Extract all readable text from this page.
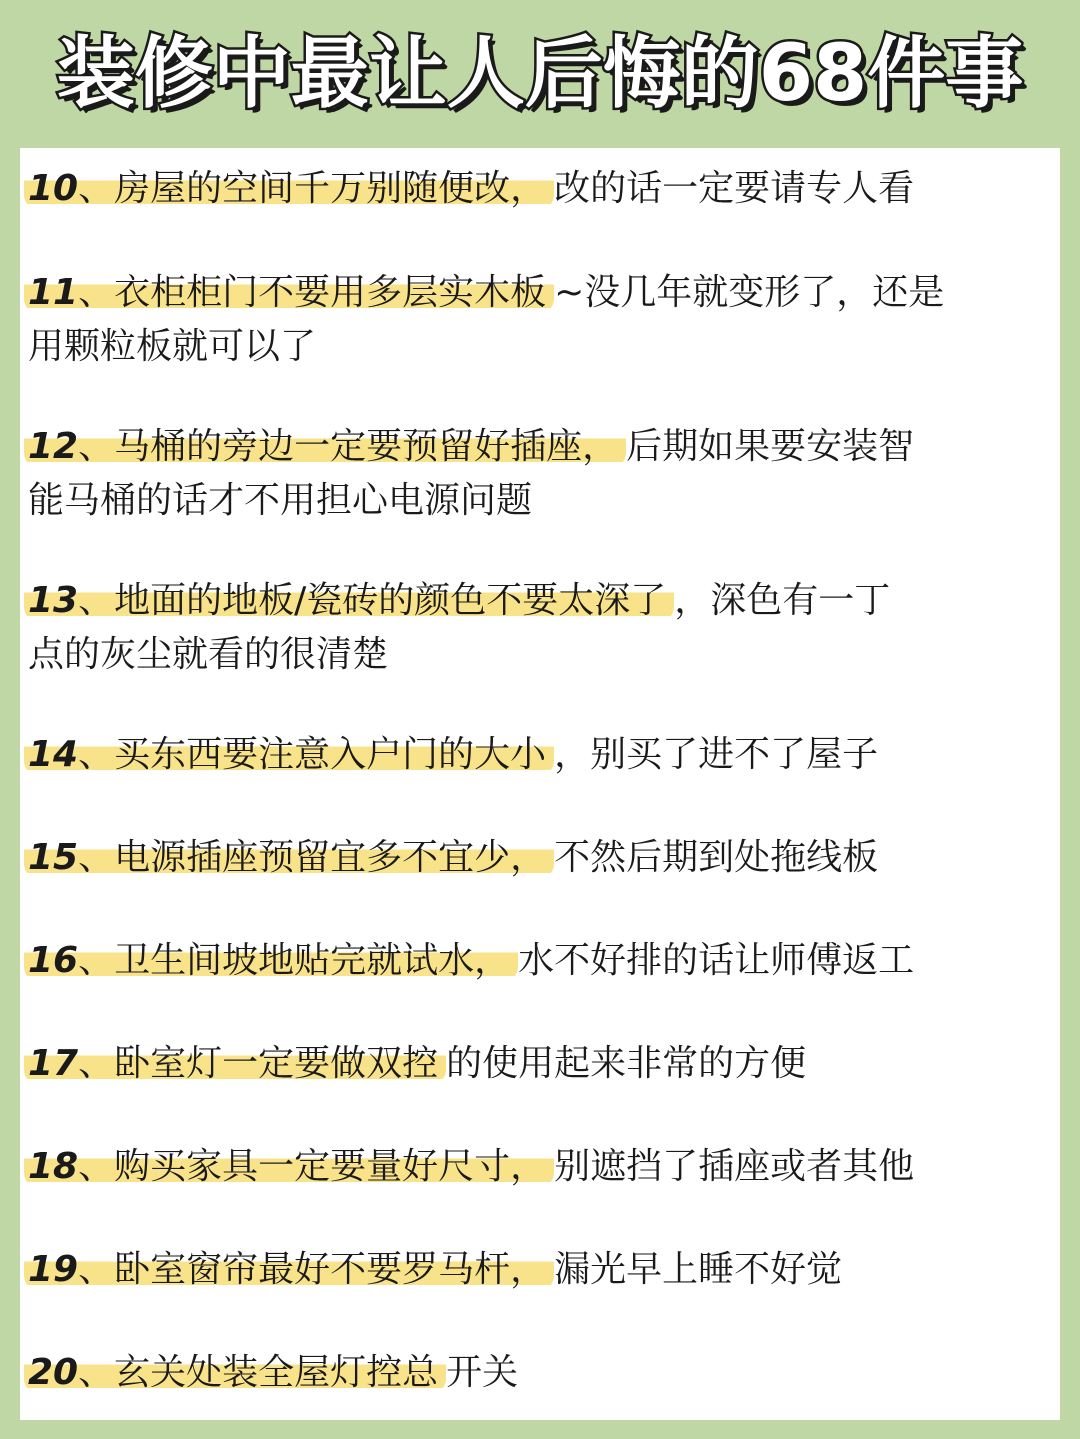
装修中最让人后悔的68件事
10、房屋的空间千万别随便改， 改的话一定要请专人看
11、衣柜柜门不要用多层实木板 ~没几年就变形了，还是
用颗粒板就可以了
12、马桶的旁边一定要预留好插座， 后期如果要安装智
能马桶的话才不用担心电源问题
13、地面的地板/瓷砖的颜色不要太深了 ，深色有一丁
点的灰尘就看的很清楚
14、买东西要注意入户门的大小 ，别买了进不了屋子
15、电源插座预留宜多不宜少， 不然后期到处拖线板
16、卫生间坡地贴完就试水， 水不好排的话让师傅返工
17、卧室灯一定要做双控 的使用起来非常的方便
18、购买家具一定要量好尺寸， 别遮挡了插座或者其他
19、卧室窗帘最好不要罗马杆， 漏光早上睡不好觉
20、玄关处装全屋灯控总 开关
